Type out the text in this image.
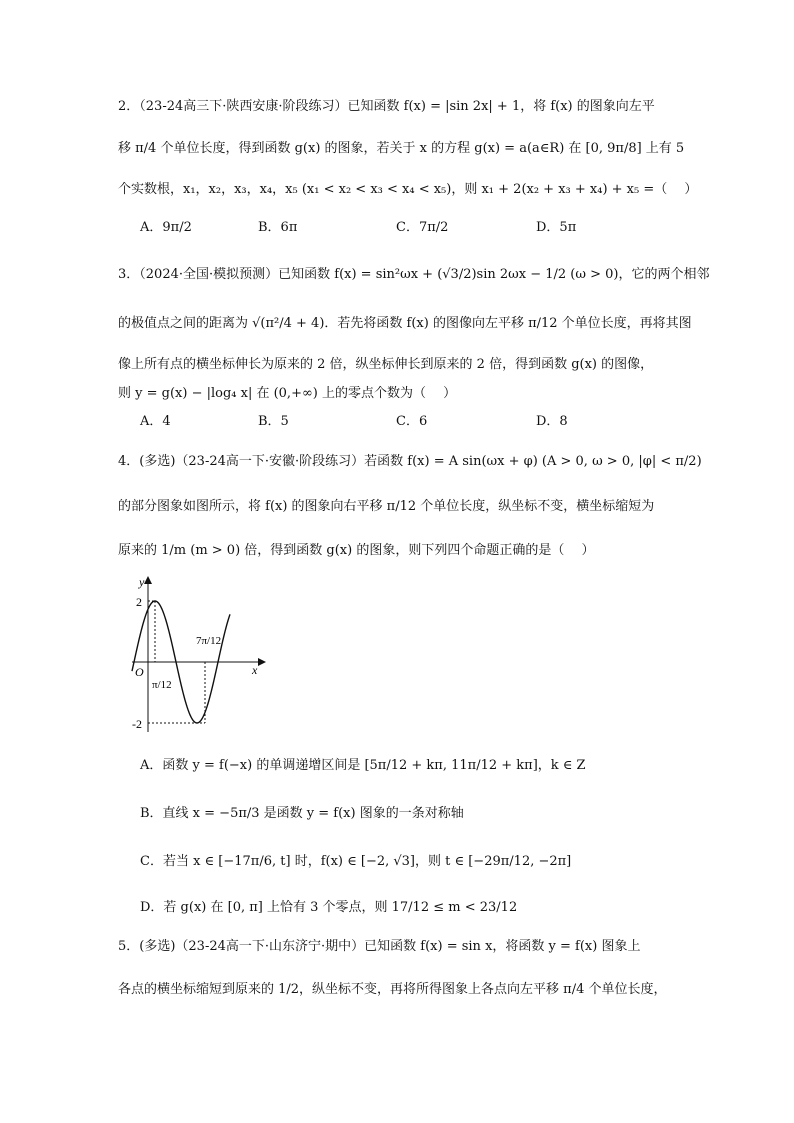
2．（23-24高三下·陕西安康·阶段练习）已知函数 f(x) = |sin 2x| + 1，将 f(x) 的图象向左平
移 π/4 个单位长度，得到函数 g(x) 的图象，若关于 x 的方程 g(x) = a(a∈R) 在 [0, 9π/8] 上有 5
个实数根，x₁，x₂，x₃，x₄，x₅ (x₁ < x₂ < x₃ < x₄ < x₅)，则 x₁ + 2(x₂ + x₃ + x₄) + x₅ =（　 ）
A．9π/2	B．6π	C．7π/2	D．5π
3．（2024·全国·模拟预测）已知函数 f(x) = sin²ωx + (√3/2)sin 2ωx − 1/2 (ω > 0)，它的两个相邻
的极值点之间的距离为 √(π²/4 + 4)．若先将函数 f(x) 的图像向左平移 π/12 个单位长度，再将其图
像上所有点的横坐标伸长为原来的 2 倍，纵坐标伸长到原来的 2 倍，得到函数 g(x) 的图像，
则 y = g(x) − |log₄ x| 在 (0,+∞) 上的零点个数为（　 ）
A．4	B．5	C．6	D．8
4．(多选)（23-24高一下·安徽·阶段练习）若函数 f(x) = A sin(ωx + φ) (A > 0, ω > 0, |φ| < π/2)
的部分图象如图所示，将 f(x) 的图象向右平移 π/12 个单位长度，纵坐标不变，横坐标缩短为
原来的 1/m (m > 0) 倍，得到函数 g(x) 的图象，则下列四个命题正确的是（　 ）
y
x
O
2
-2
π/12
7π/12
A．函数 y = f(−x) 的单调递增区间是 [5π/12 + kπ, 11π/12 + kπ]，k ∈ Z
B．直线 x = −5π/3 是函数 y = f(x) 图象的一条对称轴
C．若当 x ∈ [−17π/6, t] 时，f(x) ∈ [−2, √3]，则 t ∈ [−29π/12, −2π]
D．若 g(x) 在 [0, π] 上恰有 3 个零点，则 17/12 ≤ m < 23/12
5．(多选)（23-24高一下·山东济宁·期中）已知函数 f(x) = sin x，将函数 y = f(x) 图象上
各点的横坐标缩短到原来的 1/2，纵坐标不变，再将所得图象上各点向左平移 π/4 个单位长度，
